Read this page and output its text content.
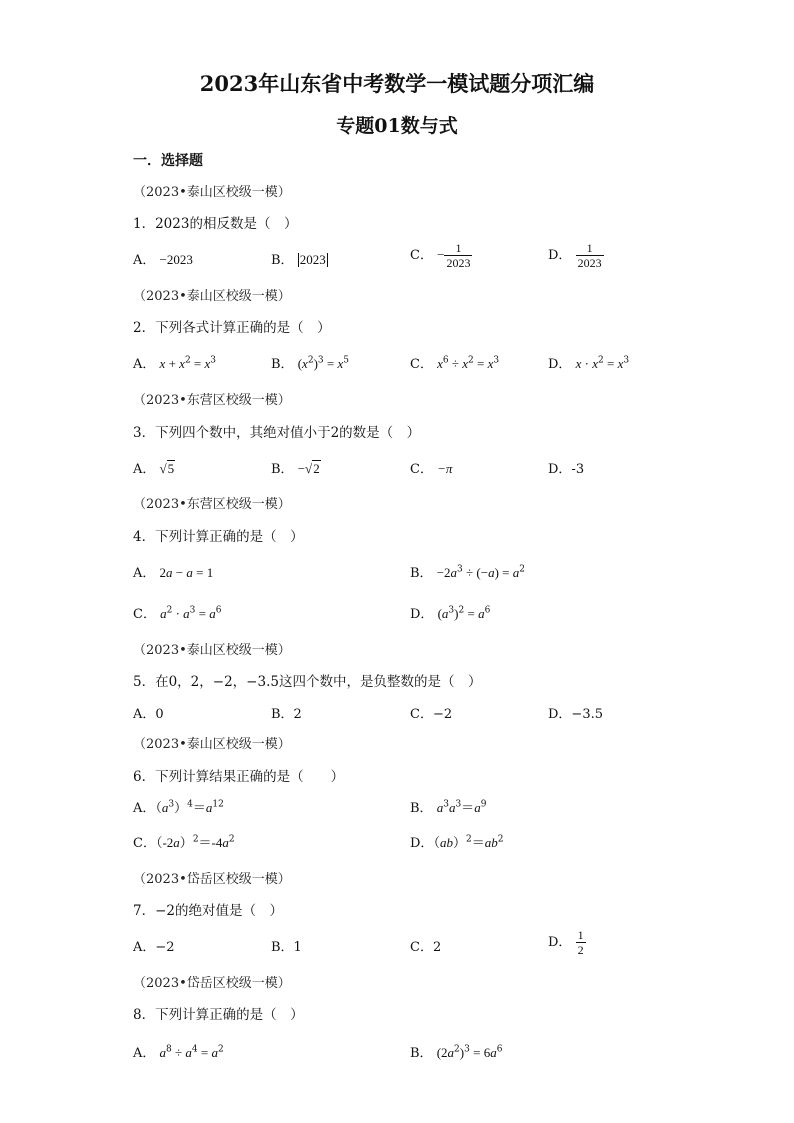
2023年山东省中考数学一模试题分项汇编
专题01数与式
一．选择题
（2023•泰山区校级一模）
1．2023的相反数是（　）
A． −2023	B． 2023	C． − $\frac{1}{2023}$	D． $\frac{1}{2023}$
（2023•泰山区校级一模）
2．下列各式计算正确的是（　）
A． $x + x^2 = x^3$	B． $(x^2)^3 = x^5$	C． $x^6 \div x^2 = x^3$	D． $x \cdot x^2 = x^3$
（2023•东营区校级一模）
3．下列四个数中，其绝对值小于2的数是（　）
A． √5	B． −√2	C． −π	D．-3
（2023•东营区校级一模）
4．下列计算正确的是（　）
A． 2a − a = 1	B． $-2a^3 \div (-a) = a^2$
C． $a^2 \cdot a^3 = a^6$	D． $(a^3)^2 = a^6$
（2023•泰山区校级一模）
5．在0，2，−2，−3.5这四个数中，是负整数的是（　）
A．0	B．2	C．−2	D．−3.5
（2023•泰山区校级一模）
6．下列计算结果正确的是（　　）
A．$(a^3)^4=a^{12}$	B． $a^3a^3=a^9$
C．$(-2a)^2=-4a^2$	D．$(ab)^2=ab^2$
（2023•岱岳区校级一模）
7．−2的绝对值是（　）
A．−2	B．1	C．2	D． $\frac{1}{2}$
（2023•岱岳区校级一模）
8．下列计算正确的是（　）
A． $a^8 \div a^4 = a^2$	B． $(2a^2)^3 = 6a^6$
